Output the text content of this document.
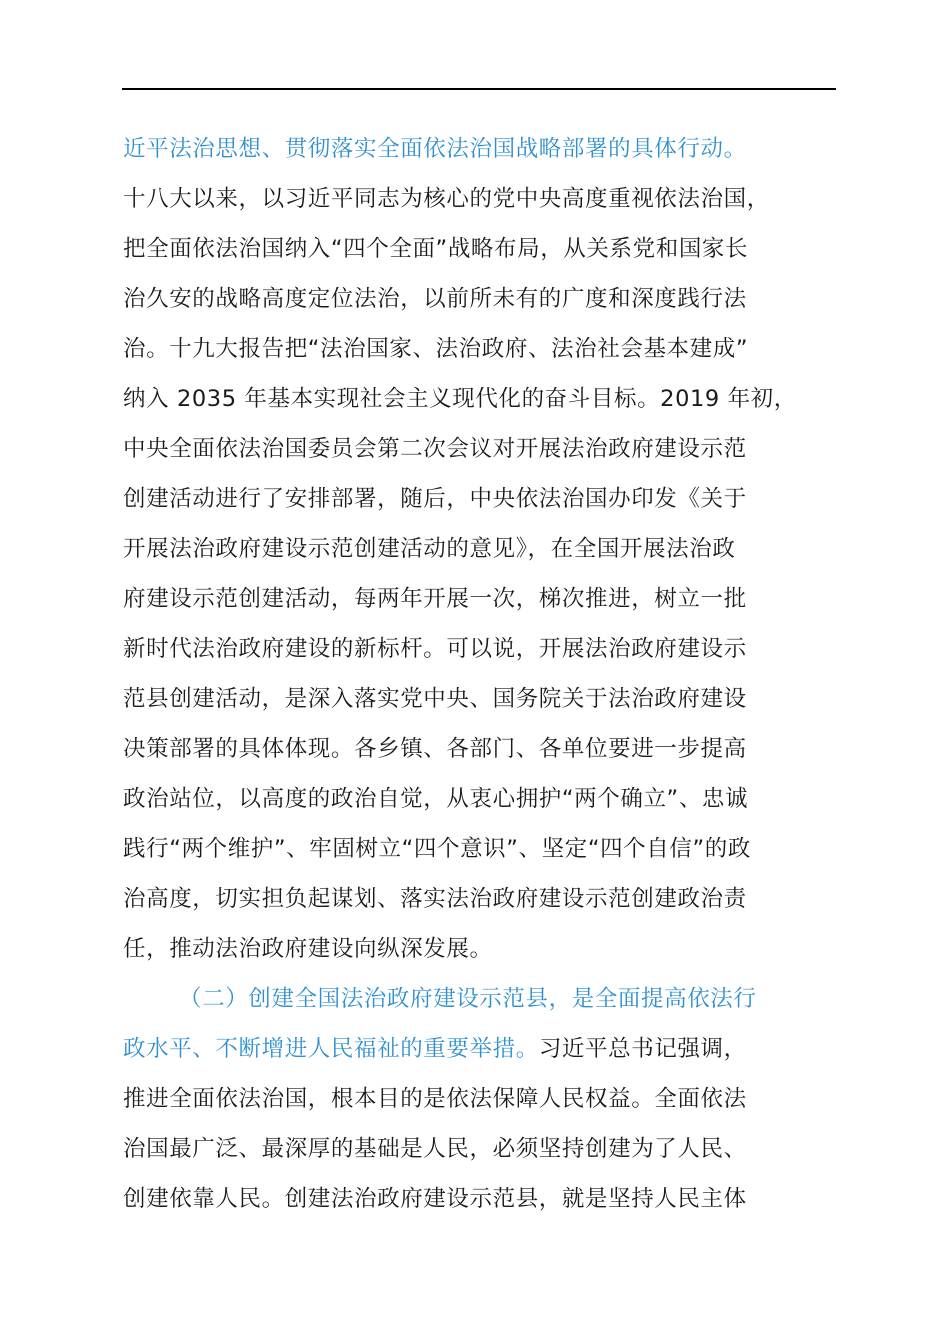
近平法治思想、贯彻落实全面依法治国战略部署的具体行动。
十八大以来，以习近平同志为核心的党中央高度重视依法治国，
把全面依法治国纳入“四个全面”战略布局，从关系党和国家长
治久安的战略高度定位法治，以前所未有的广度和深度践行法
治。十九大报告把“法治国家、法治政府、法治社会基本建成”
纳入 2035 年基本实现社会主义现代化的奋斗目标。2019 年初，
中央全面依法治国委员会第二次会议对开展法治政府建设示范
创建活动进行了安排部署，随后，中央依法治国办印发《关于
开展法治政府建设示范创建活动的意见》，在全国开展法治政
府建设示范创建活动，每两年开展一次，梯次推进，树立一批
新时代法治政府建设的新标杆。可以说，开展法治政府建设示
范县创建活动，是深入落实党中央、国务院关于法治政府建设
决策部署的具体体现。各乡镇、各部门、各单位要进一步提高
政治站位，以高度的政治自觉，从衷心拥护“两个确立”、忠诚
践行“两个维护”、牢固树立“四个意识”、坚定“四个自信”的政
治高度，切实担负起谋划、落实法治政府建设示范创建政治责
任，推动法治政府建设向纵深发展。
（二）创建全国法治政府建设示范县，是全面提高依法行
政水平、不断增进人民福祉的重要举措。习近平总书记强调，
推进全面依法治国，根本目的是依法保障人民权益。全面依法
治国最广泛、最深厚的基础是人民，必须坚持创建为了人民、
创建依靠人民。创建法治政府建设示范县，就是坚持人民主体
